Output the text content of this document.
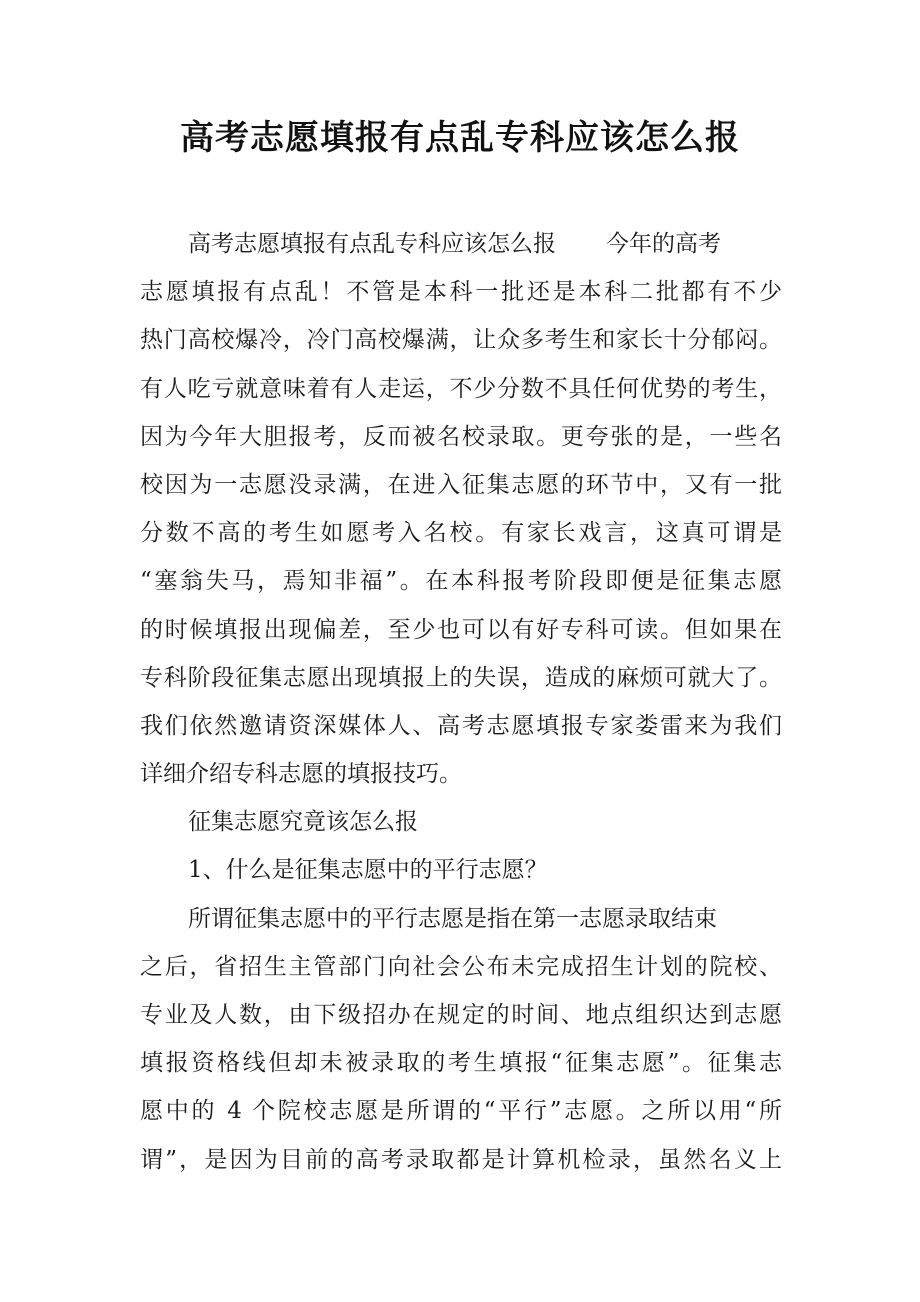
高考志愿填报有点乱专科应该怎么报
高考志愿填报有点乱专科应该怎么报 今年的高考
志愿填报有点乱！不管是本科一批还是本科二批都有不少
热门高校爆冷，冷门高校爆满，让众多考生和家长十分郁闷。
有人吃亏就意味着有人走运，不少分数不具任何优势的考生，
因为今年大胆报考，反而被名校录取。更夸张的是，一些名
校因为一志愿没录满，在进入征集志愿的环节中，又有一批
分数不高的考生如愿考入名校。有家长戏言，这真可谓是
“塞翁失马，焉知非福”。在本科报考阶段即便是征集志愿
的时候填报出现偏差，至少也可以有好专科可读。但如果在
专科阶段征集志愿出现填报上的失误，造成的麻烦可就大了。
我们依然邀请资深媒体人、高考志愿填报专家娄雷来为我们
详细介绍专科志愿的填报技巧。
征集志愿究竟该怎么报
1、什么是征集志愿中的平行志愿？
所谓征集志愿中的平行志愿是指在第一志愿录取结束
之后，省招生主管部门向社会公布未完成招生计划的院校、
专业及人数，由下级招办在规定的时间、地点组织达到志愿
填报资格线但却未被录取的考生填报“征集志愿”。征集志
愿中的 4 个院校志愿是所谓的“平行”志愿。之所以用“所
谓”，是因为目前的高考录取都是计算机检录，虽然名义上
